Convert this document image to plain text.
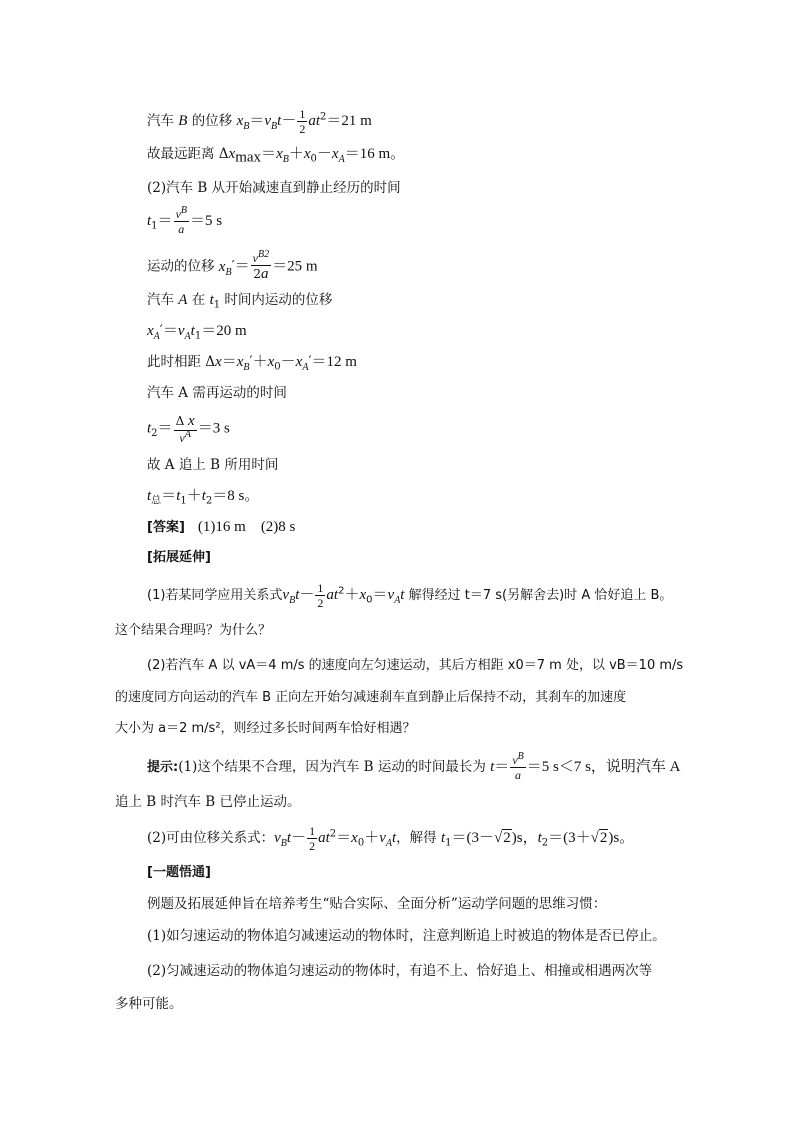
汽车 B 的位移 $x_B=v_Bt- \frac{1}{2} at^2=21$ m
故最远距离 $\Delta x_{max}=x_B+x_0-x_A=16$ m。
(2)汽车 B 从开始减速直到静止经历的时间
$t_1= \frac{v^B}{a} =5$ s
运动的位移 $x_B'= \frac{v^{B2}}{2a} =25$ m
汽车 A 在 $t_1$ 时间内运动的位移
$x_A'=v_At_1=20$ m
此时相距 $\Delta x=x_B'+x_0-x_A'=12$ m
汽车 A 需再运动的时间
$t_2= \frac{\text{Δ x}}{v^A} =3$ s
故 A 追上 B 所用时间
$t_总=t_1+t_2=8$ s。
[答案]　 (1)16 m　(2)8 s
[拓展延伸]
(1)若某同学应用关系式$v_Bt- \frac{1}{2} at^2+x_0=v_At$ 解得经过 t＝7 s(另解舍去)时 A 恰好追上 B。
这个结果合理吗？为什么？
(2)若汽车 A 以 vA＝4 m/s 的速度向左匀速运动，其后方相距 x0＝7 m 处，以 vB＝10 m/s
的速度同方向运动的汽车 B 正向左开始匀减速刹车直到静止后保持不动，其刹车的加速度
大小为 a＝2 m/s²，则经过多长时间两车恰好相遇？
提示:(1)这个结果不合理，因为汽车 B 运动的时间最长为 $t= \frac{v^B}{a} =5$ s＜7 s，说明汽车 A
追上 B 时汽车 B 已停止运动。
(2)可由位移关系式：$v_Bt- \frac{1}{2} at^2=x_0+v_At$，解得 $t_1=(3-√2)s$，$t_2=(3+√2)s$。
[一题悟通]
例题及拓展延伸旨在培养考生“贴合实际、全面分析”运动学问题的思维习惯：
(1)如匀速运动的物体追匀减速运动的物体时，注意判断追上时被追的物体是否已停止。
(2)匀减速运动的物体追匀速运动的物体时，有追不上、恰好追上、相撞或相遇两次等
多种可能。
